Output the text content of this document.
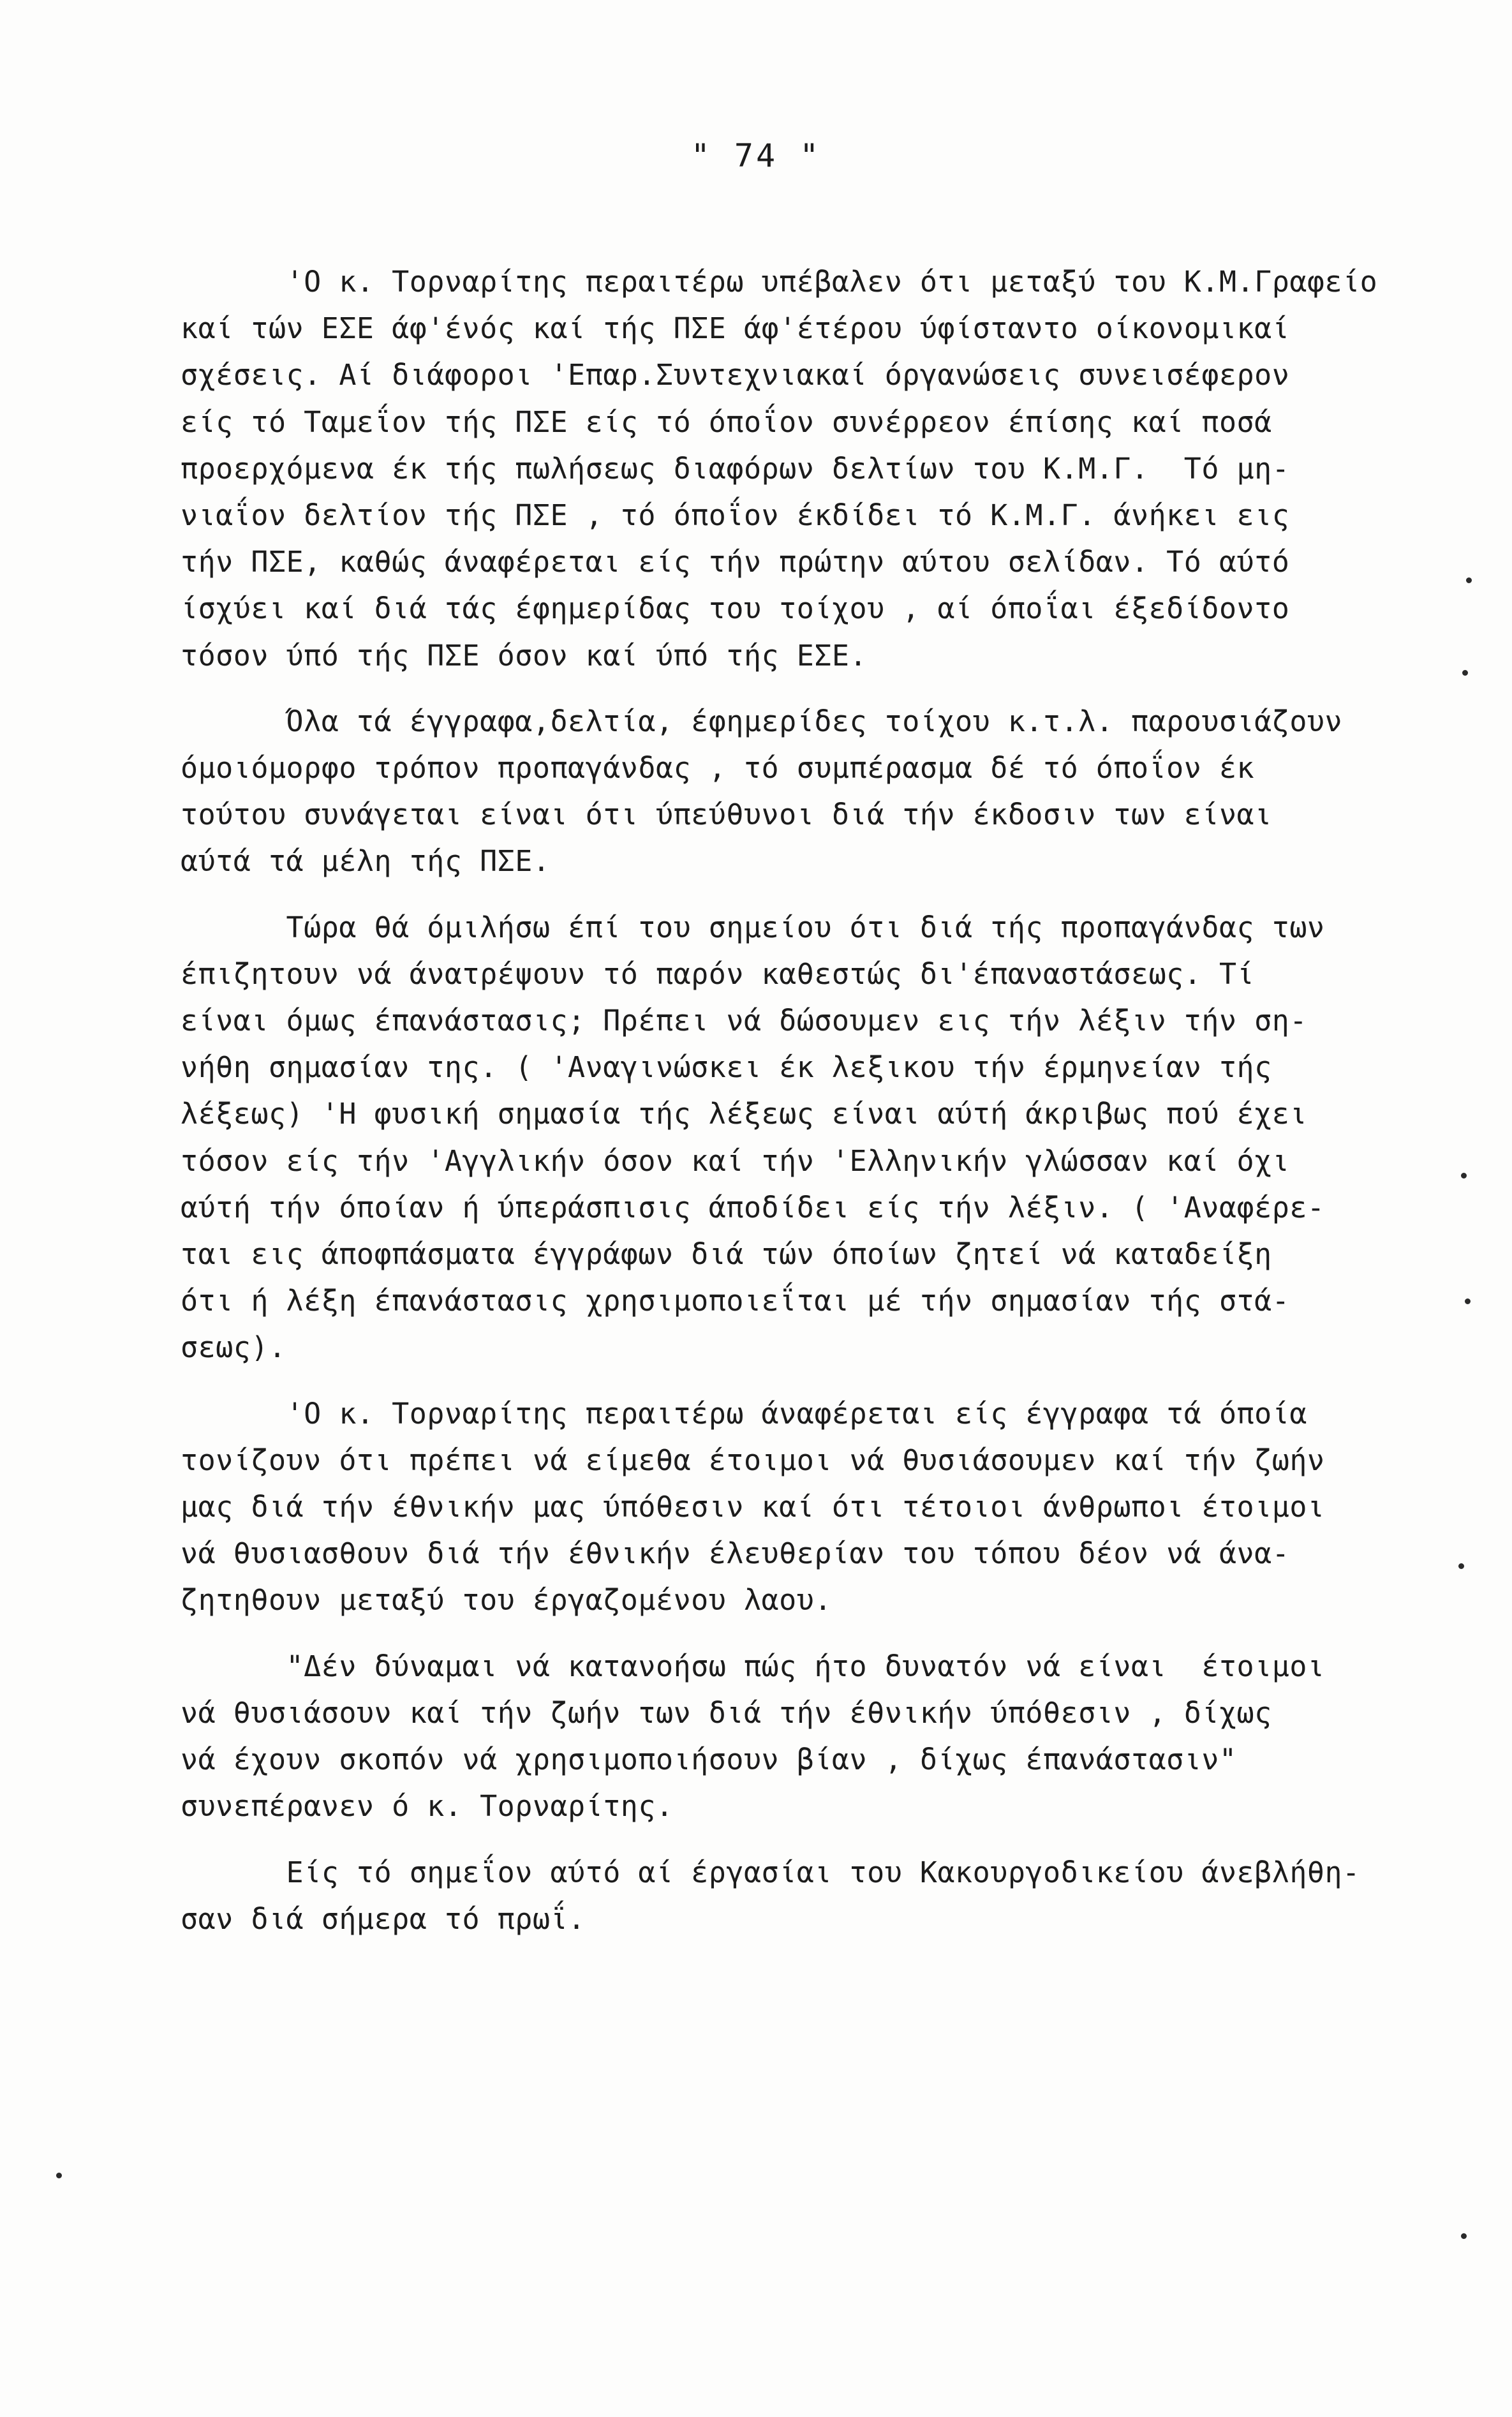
" 74 "
'Ο κ. Τορναρίτης περαιτέρω υπέβαλεν ότι μεταξύ του Κ.Μ.Γραφείο
καί τών ΕΣΕ άφ'ένός καί τής ΠΣΕ άφ'έτέρου ύφίσταντο οίκονομικαί
σχέσεις. Αί διάφοροι 'Επαρ.Συντεχνιακαί όργανώσεις συνεισέφερον
είς τό Ταμεΐον τής ΠΣΕ είς τό όποΐον συνέρρεον έπίσης καί ποσά
προερχόμενα έκ τής πωλήσεως διαφόρων δελτίων του Κ.Μ.Γ.  Τό μη-
νιαΐον δελτίον τής ΠΣΕ , τό όποΐον έκδίδει τό Κ.Μ.Γ. άνήκει εις
τήν ΠΣΕ, καθώς άναφέρεται είς τήν πρώτην αύτου σελίδαν. Τό αύτό
ίσχύει καί διά τάς έφημερίδας του τοίχου , αί όποΐαι έξεδίδοντο
τόσον ύπό τής ΠΣΕ όσον καί ύπό τής ΕΣΕ.
Όλα τά έγγραφα,δελτία, έφημερίδες τοίχου κ.τ.λ. παρουσιάζουν
όμοιόμορφο τρόπον προπαγάνδας , τό συμπέρασμα δέ τό όποΐον έκ
τούτου συνάγεται είναι ότι ύπεύθυνοι διά τήν έκδοσιν των είναι
αύτά τά μέλη τής ΠΣΕ.
Τώρα θά όμιλήσω έπί του σημείου ότι διά τής προπαγάνδας των
έπιζητουν νά άνατρέψουν τό παρόν καθεστώς δι'έπαναστάσεως. Τί
είναι όμως έπανάστασις; Πρέπει νά δώσουμεν εις τήν λέξιν τήν ση-
νήθη σημασίαν της. ( 'Αναγινώσκει έκ λεξικου τήν έρμηνείαν τής
λέξεως) 'Η φυσική σημασία τής λέξεως είναι αύτή άκριβως πού έχει
τόσον είς τήν 'Αγγλικήν όσον καί τήν 'Ελληνικήν γλώσσαν καί όχι
αύτή τήν όποίαν ή ύπεράσπισις άποδίδει είς τήν λέξιν. ( 'Αναφέρε-
ται εις άποφπάσματα έγγράφων διά τών όποίων ζητεί νά καταδείξη
ότι ή λέξη έπανάστασις χρησιμοποιεΐται μέ τήν σημασίαν τής στά-
σεως).
'Ο κ. Τορναρίτης περαιτέρω άναφέρεται είς έγγραφα τά όποία
τονίζουν ότι πρέπει νά είμεθα έτοιμοι νά θυσιάσουμεν καί τήν ζωήν
μας διά τήν έθνικήν μας ύπόθεσιν καί ότι τέτοιοι άνθρωποι έτοιμοι
νά θυσιασθουν διά τήν έθνικήν έλευθερίαν του τόπου δέον νά άνα-
ζητηθουν μεταξύ του έργαζομένου λαου.
"Δέν δύναμαι νά κατανοήσω πώς ήτο δυνατόν νά είναι  έτοιμοι
νά θυσιάσουν καί τήν ζωήν των διά τήν έθνικήν ύπόθεσιν , δίχως
νά έχουν σκοπόν νά χρησιμοποιήσουν βίαν , δίχως έπανάστασιν"
συνεπέρανεν ό κ. Τορναρίτης.
Είς τό σημεΐον αύτό αί έργασίαι του Κακουργοδικείου άνεβλήθη-
σαν διά σήμερα τό πρωΐ.
